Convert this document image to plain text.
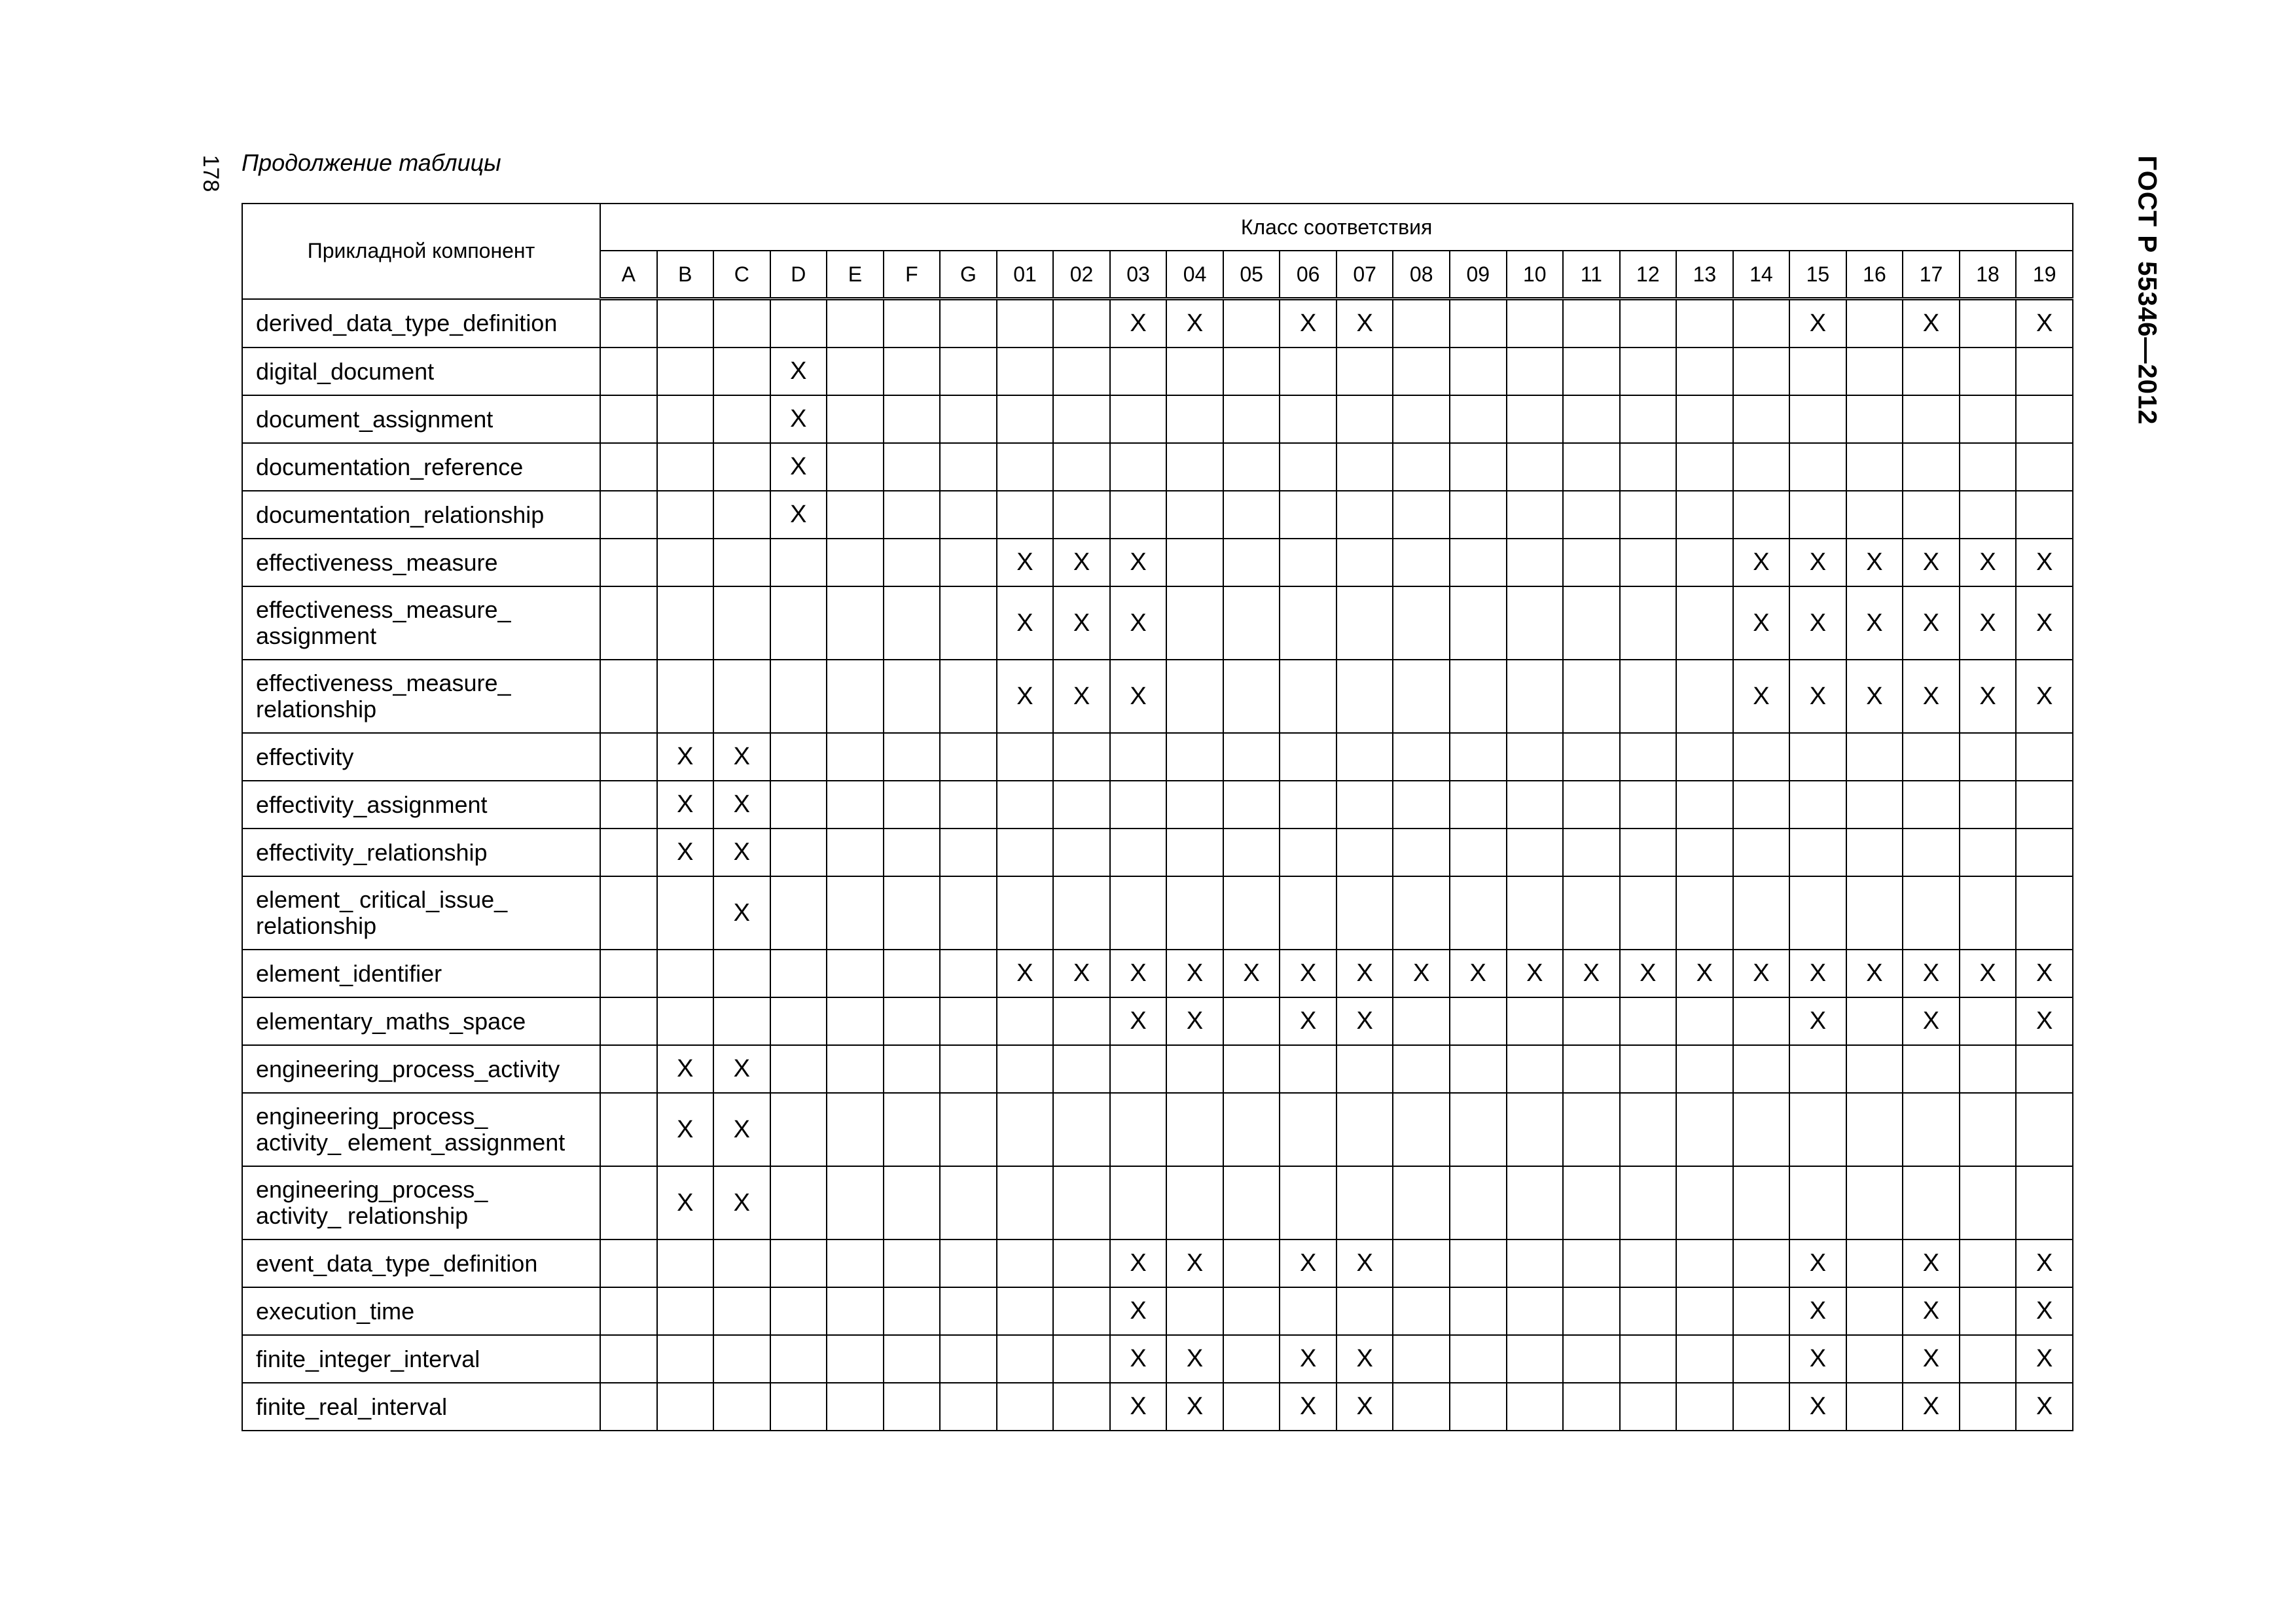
178 Продолжение таблицы	ГОСТ Р 55346—2012
Прикладной компонент	Класс соответствия																									
	A	B	C	D	E	F	G	01	02	03	04	05	06	07	08	09	10	11	12	13	14	15	16	17	18	19
derived_data_type_definition										X	X		X	X								X		X		X
digital_document				X																						
document_assignment				X																						
documentation_reference				X																						
documentation_relationship				X																						
effectiveness_measure								X	X	X											X	X	X	X	X	X
effectiveness_measure_
assignment								X	X	X											X	X	X	X	X	X
effectiveness_measure_
relationship								X	X	X											X	X	X	X	X	X
effectivity		X	X																							
effectivity_assignment		X	X																							
effectivity_relationship		X	X																							
element_ critical_issue_
relationship			X																							
element_identifier								X	X	X	X	X	X	X	X	X	X	X	X	X	X	X	X	X	X	X
elementary_maths_space										X	X		X	X								X		X		X
engineering_process_activity		X	X																							
engineering_process_
activity_ element_assignment		X	X																							
engineering_process_
activity_ relationship		X	X																							
event_data_type_definition										X	X		X	X								X		X		X
execution_time										X												X		X		X
finite_integer_interval										X	X		X	X								X		X		X
finite_real_interval										X	X		X	X								X		X		X
